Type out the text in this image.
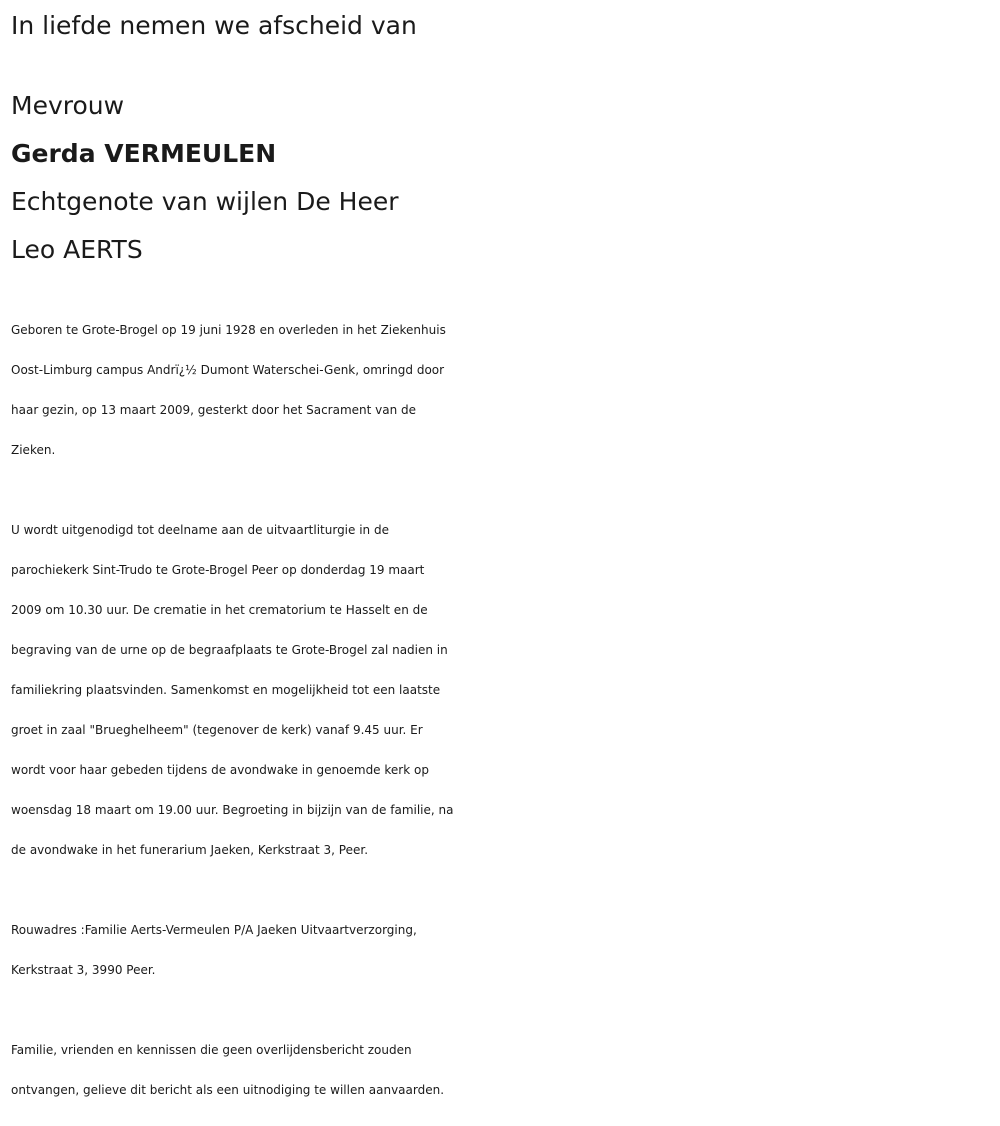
In liefde nemen we afscheid van

Mevrouw

Gerda VERMEULEN

Echtgenote van wijlen De Heer

Leo AERTS

Geboren te Grote-Brogel op 19 juni 1928 en overleden in het Ziekenhuis
Oost-Limburg campus Andrï¿½ Dumont Waterschei-Genk, omringd door
haar gezin, op 13 maart 2009, gesterkt door het Sacrament van de
Zieken.
U wordt uitgenodigd tot deelname aan de uitvaartliturgie in de
parochiekerk Sint-Trudo te Grote-Brogel Peer op donderdag 19 maart
2009 om 10.30 uur. De crematie in het crematorium te Hasselt en de
begraving van de urne op de begraafplaats te Grote-Brogel zal nadien in
familiekring plaatsvinden. Samenkomst en mogelijkheid tot een laatste
groet in zaal "Brueghelheem" (tegenover de kerk) vanaf 9.45 uur. Er
wordt voor haar gebeden tijdens de avondwake in genoemde kerk op
woensdag 18 maart om 19.00 uur. Begroeting in bijzijn van de familie, na
de avondwake in het funerarium Jaeken, Kerkstraat 3, Peer.
Rouwadres :Familie Aerts-Vermeulen P/A Jaeken Uitvaartverzorging,
Kerkstraat 3, 3990 Peer.
Familie, vrienden en kennissen die geen overlijdensbericht zouden
ontvangen, gelieve dit bericht als een uitnodiging te willen aanvaarden.
